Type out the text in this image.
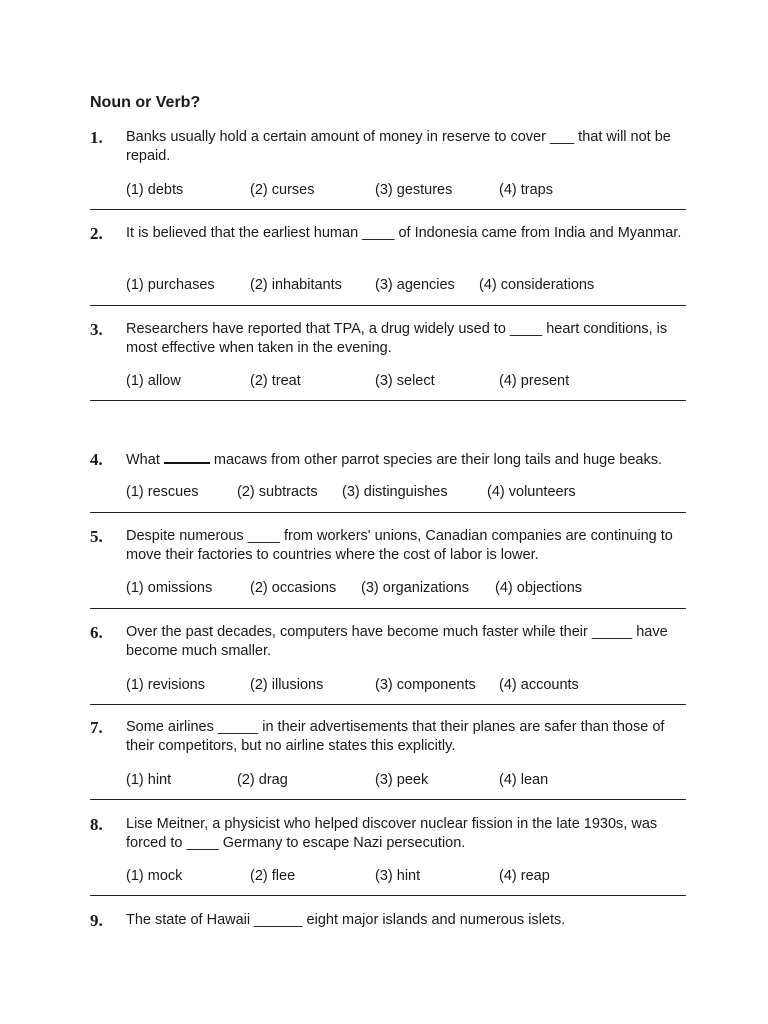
Noun or Verb?
1. Banks usually hold a certain amount of money in reserve to cover ___ that will not be repaid.
(1) debts	(2) curses	(3) gestures	(4) traps
2. It is believed that the earliest human ____ of Indonesia came from India and Myanmar.
(1) purchases (2) inhabitants (3) agencies (4) considerations
3. Researchers have reported that TPA, a drug widely used to ____ heart conditions, is most effective when taken in the evening.
(1) allow	(2) treat	(3) select	(4) present
4. What	macaws from other parrot species are their long tails and huge beaks.
(1) rescues	(2) subtracts (3) distinguishes	(4) volunteers
5. Despite numerous ____ from workers' unions, Canadian companies are continuing to move their factories to countries where the cost of labor is lower.
(1) omissions	(2) occasions (3) organizations (4) objections
6. Over the past decades, computers have become much faster while their _____ have become much smaller.
(1) revisions	(2) illusions	(3) components (4) accounts
7. Some airlines _____ in their advertisements that their planes are safer than those of their competitors, but no airline states this explicitly.
(1) hint	(2) drag	(3) peek	(4) lean
8. Lise Meitner, a physicist who helped discover nuclear fission in the late 1930s, was forced to ____ Germany to escape Nazi persecution.
(1) mock	(2) flee	(3) hint	(4) reap
9. The state of Hawaii ______ eight major islands and numerous islets.
